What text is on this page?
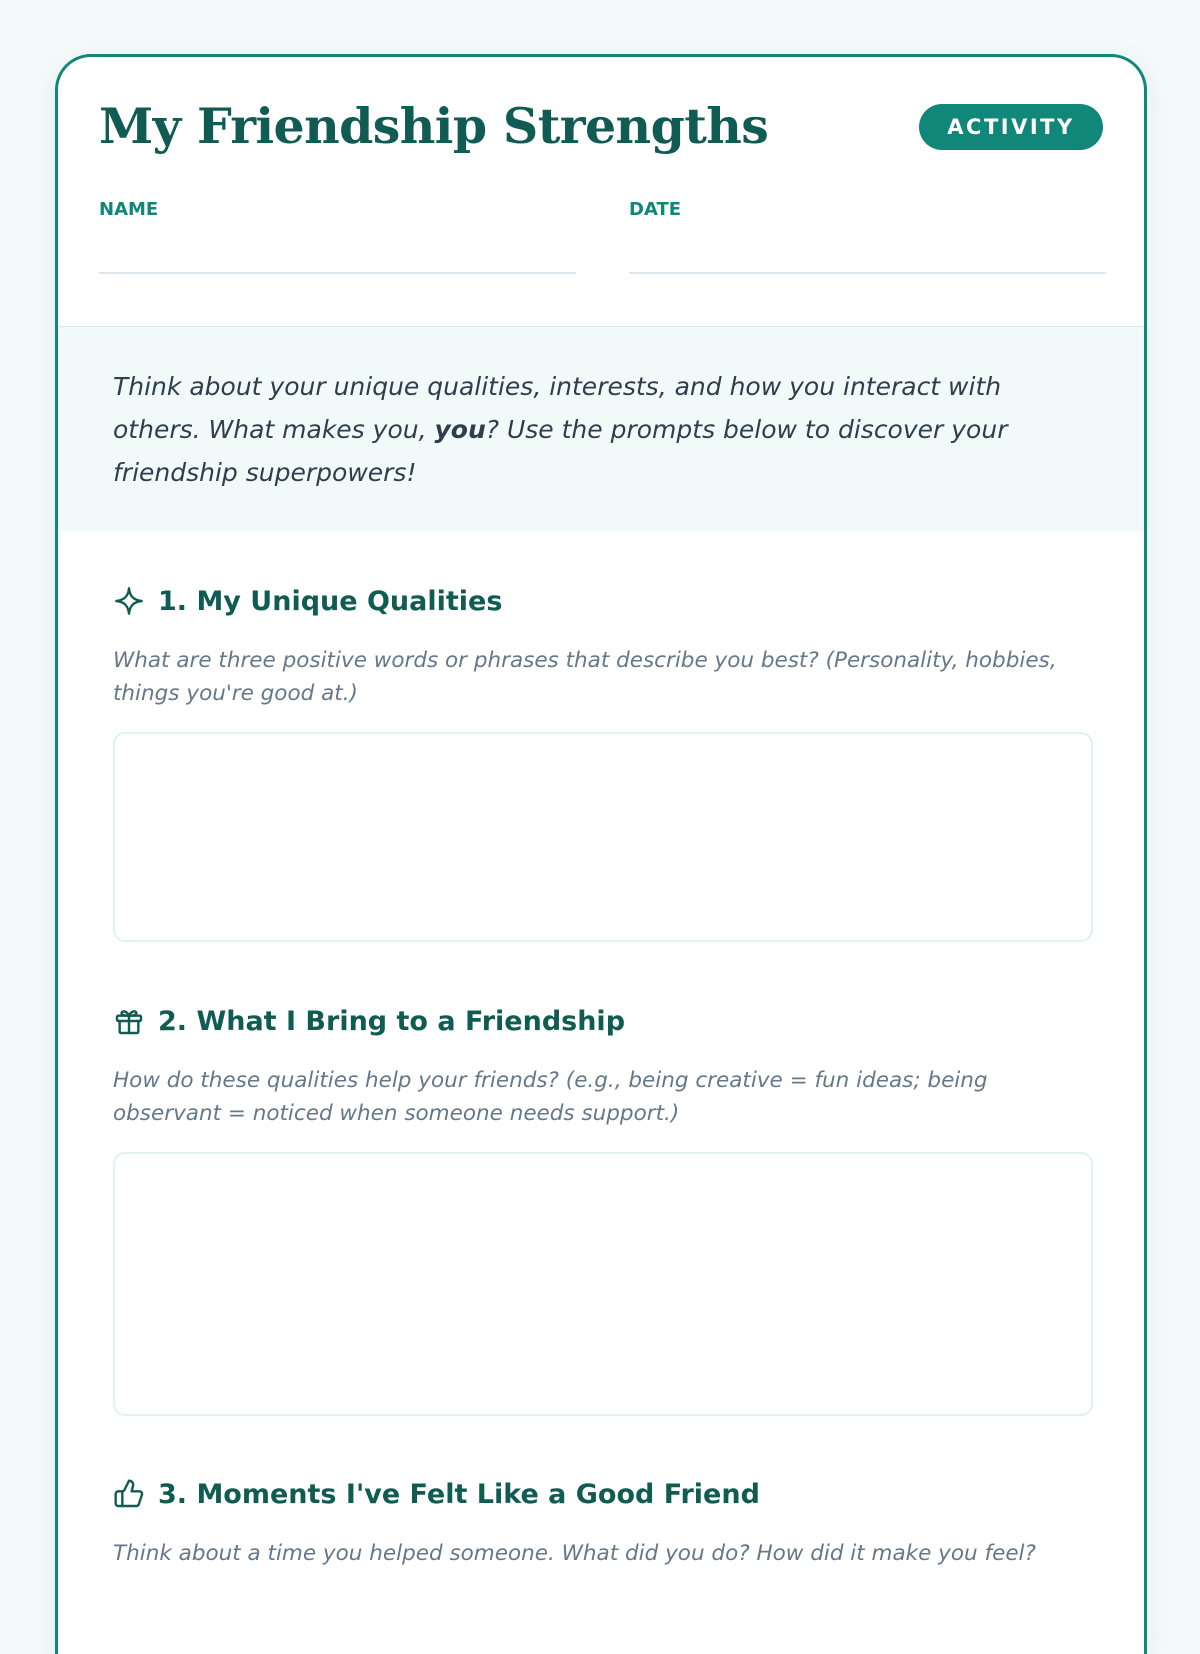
My Friendship Strengths	ACTIVITY
NAME	DATE
Think about your unique qualities, interests, and how you interact with others. What makes you, you? Use the prompts below to discover your friendship superpowers!
1. My Unique Qualities
What are three positive words or phrases that describe you best? (Personality, hobbies, things you're good at.)
2. What I Bring to a Friendship
How do these qualities help your friends? (e.g., being creative = fun ideas; being observant = noticed when someone needs support.)
3. Moments I've Felt Like a Good Friend
Think about a time you helped someone. What did you do? How did it make you feel?
